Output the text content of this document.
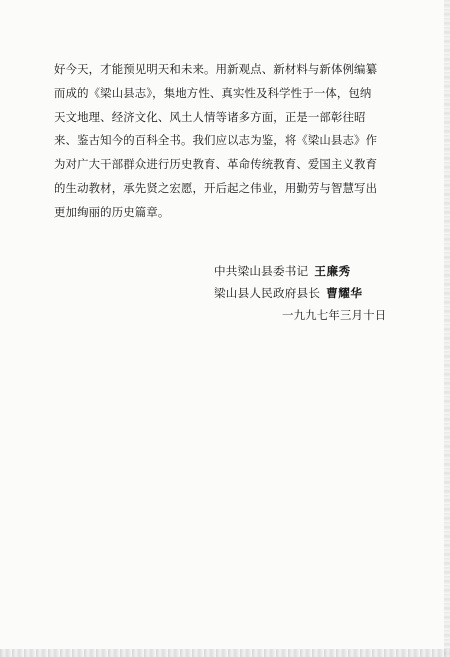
好今天，才能预见明天和未来。用新观点、新材料与新体例编纂
而成的《梁山县志》，集地方性、真实性及科学性于一体，包纳
天文地理、经济文化、风土人情等诸多方面，正是一部彰往昭
来、鉴古知今的百科全书。我们应以志为鉴，将《梁山县志》作
为对广大干部群众进行历史教育、革命传统教育、爱国主义教育
的生动教材，承先贤之宏愿，开后起之伟业，用勤劳与智慧写出
更加绚丽的历史篇章。
中共梁山县委书记 王廉秀
梁山县人民政府县长 曹耀华
一九九七年三月十日
